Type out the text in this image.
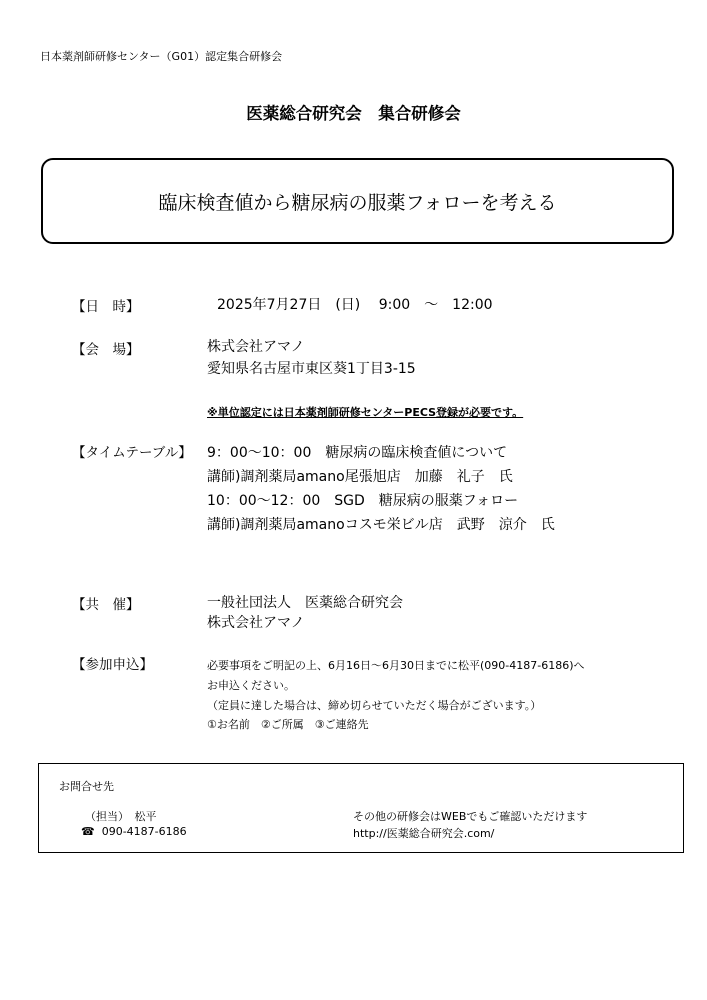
日本薬剤師研修センター（G01）認定集合研修会
医薬総合研究会　集合研修会
臨床検査値から糖尿病の服薬フォローを考える
【日　時】	2025年7月27日　(日)　 9:00　～　12:00
【会　場】	株式会社アマノ
愛知県名古屋市東区葵1丁目3-15
※単位認定には日本薬剤師研修センターPECS登録が必要です。
【タイムテーブル】 9：00～10：00　糖尿病の臨床検査値について
講師)調剤薬局amano尾張旭店　加藤　礼子　氏
10：00～12：00　SGD　糖尿病の服薬フォロー
講師)調剤薬局amanoコスモ栄ビル店　武野　涼介　氏
【共　催】	一般社団法人　医薬総合研究会
株式会社アマノ
【参加申込】	必要事項をご明記の上、6月16日～6月30日までに松平(090-4187-6186)へ
お申込ください。
（定員に達した場合は、締め切らせていただく場合がございます。）
①お名前　②ご所属　③ご連絡先
お問合せ先
（担当）　松平
☎ 090-4187-6186
その他の研修会はWEBでもご確認いただけます
http://医薬総合研究会.com/
